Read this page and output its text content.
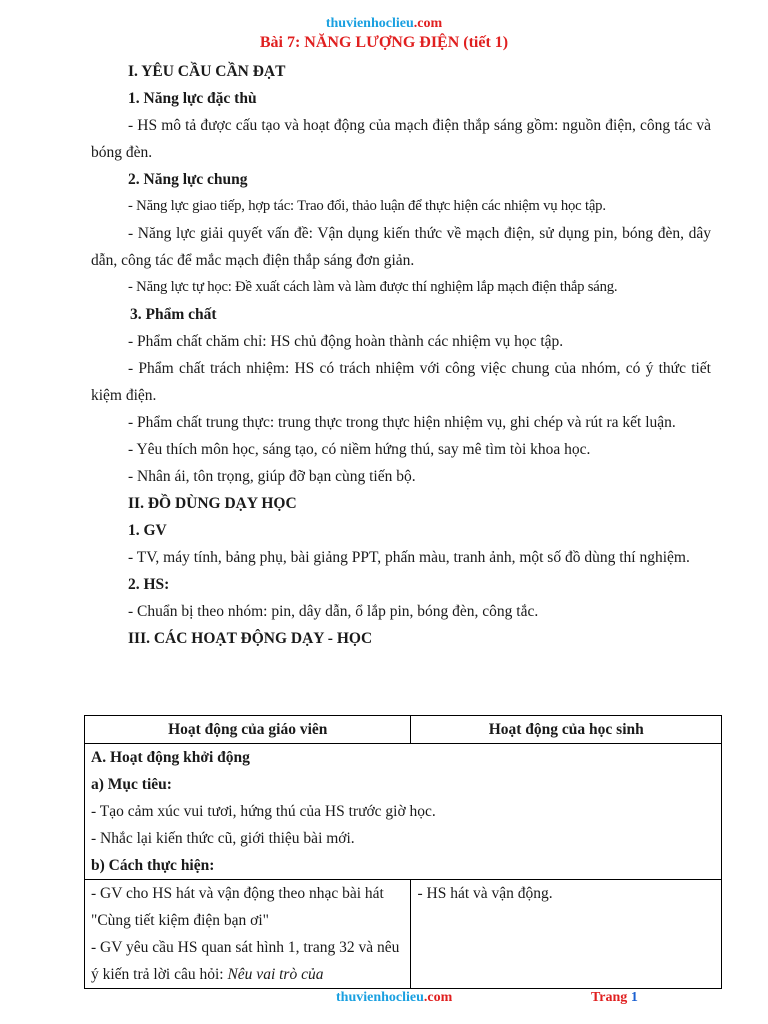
thuvienhoclieu.com
Bài 7: NĂNG LƯỢNG ĐIỆN (tiết 1)

I. YÊU CẦU CẦN ĐẠT

1. Năng lực đặc thù

- HS mô tả được cấu tạo và hoạt động của mạch điện thắp sáng gồm: nguồn điện, công tác và bóng đèn.

2. Năng lực chung

- Năng lực giao tiếp, hợp tác: Trao đổi, thảo luận để thực hiện các nhiệm vụ học tập.

- Năng lực giải quyết vấn đề: Vận dụng kiến thức về mạch điện, sử dụng pin, bóng đèn, dây dẫn, công tác để mắc mạch điện thắp sáng đơn giản.

- Năng lực tự học: Đề xuất cách làm và làm được thí nghiệm lắp mạch điện thắp sáng.

3. Phẩm chất

- Phẩm chất chăm chỉ: HS chủ động hoàn thành các nhiệm vụ học tập.

- Phẩm chất trách nhiệm: HS có trách nhiệm với công việc chung của nhóm, có ý thức tiết kiệm điện.

- Phẩm chất trung thực: trung thực trong thực hiện nhiệm vụ, ghi chép và rút ra kết luận.

- Yêu thích môn học, sáng tạo, có niềm hứng thú, say mê tìm tòi khoa học.

- Nhân ái, tôn trọng, giúp đỡ bạn cùng tiến bộ.

II. ĐỒ DÙNG DẠY HỌC

1. GV

- TV, máy tính, bảng phụ, bài giảng PPT, phấn màu, tranh ảnh, một số đồ dùng thí nghiệm.

2. HS:

- Chuẩn bị theo nhóm: pin, dây dẫn, ổ lắp pin, bóng đèn, công tắc.

III. CÁC HOẠT ĐỘNG DẠY - HỌC

Hoạt động của giáo viên	Hoạt động của học sinh

A. Hoạt động khởi động
a) Mục tiêu:
- Tạo cảm xúc vui tươi, hứng thú của HS trước giờ học.
- Nhắc lại kiến thức cũ, giới thiệu bài mới.
b) Cách thực hiện:	

- GV cho HS hát và vận động theo nhạc bài hát "Cùng tiết kiệm điện bạn ơi"
- GV yêu cầu HS quan sát hình 1, trang 32 và nêu ý kiến trả lời câu hỏi: Nêu vai trò của	- HS hát và vận động.
thuvienhoclieu.com	Trang 1
